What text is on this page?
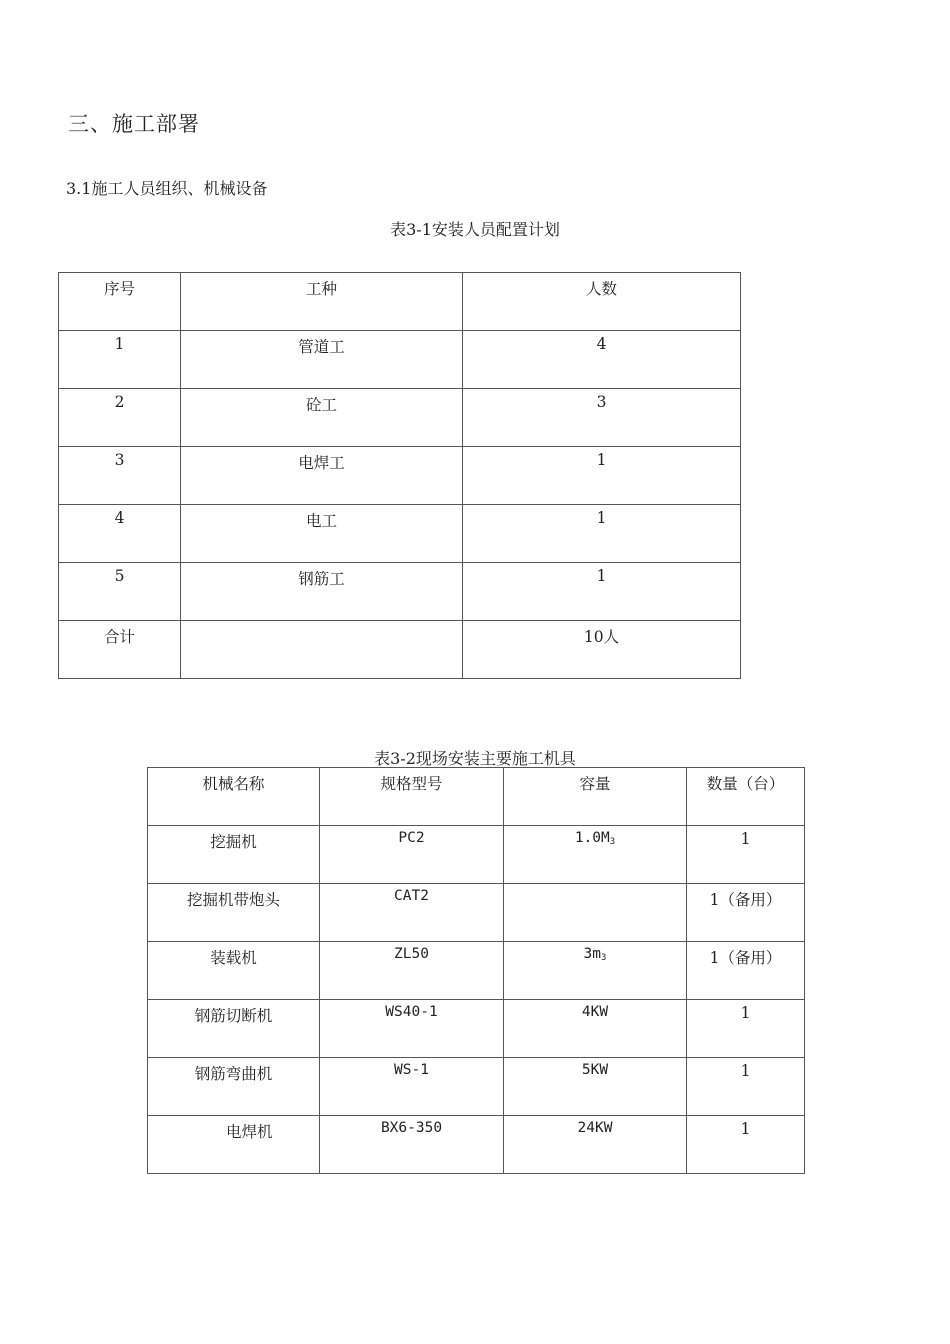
三、施工部署
3.1施工人员组织、机械设备
表3-1安装人员配置计划
序号	工种	人数
1	管道工	4
2	砼工	3
3	电焊工	1
4	电工	1
5	钢筋工	1
合计		10人
表3-2现场安装主要施工机具
机械名称	规格型号	容量	数量（台）
挖掘机	PC2	$1.0M_3$	1
挖掘机带炮头	CAT2		1（备用）
装载机	ZL50	$3m_3$	1（备用）
钢筋切断机	WS40-1	4KW	1
钢筋弯曲机	WS-1	5KW	1
电焊机	BX6-350	24KW	1
